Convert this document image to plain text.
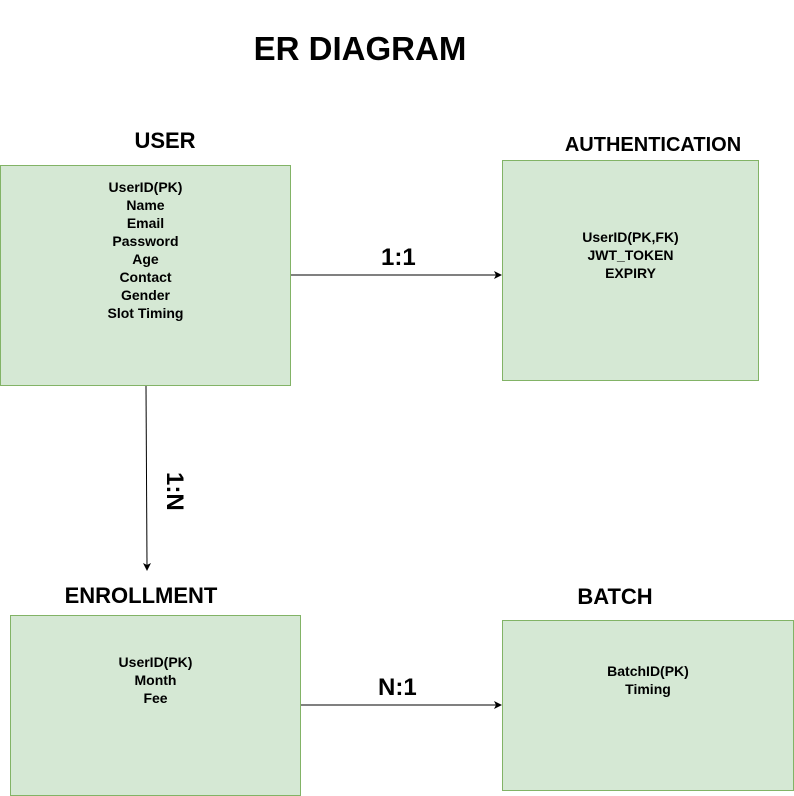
ER DIAGRAM
USER
UserID(PK)
Name
Email
Password
Age
Contact
Gender
Slot Timing
AUTHENTICATION
UserID(PK,FK)
JWT_TOKEN
EXPIRY
ENROLLMENT
UserID(PK)
Month
Fee
BATCH
BatchID(PK)
Timing
1:1
1:N
N:1
